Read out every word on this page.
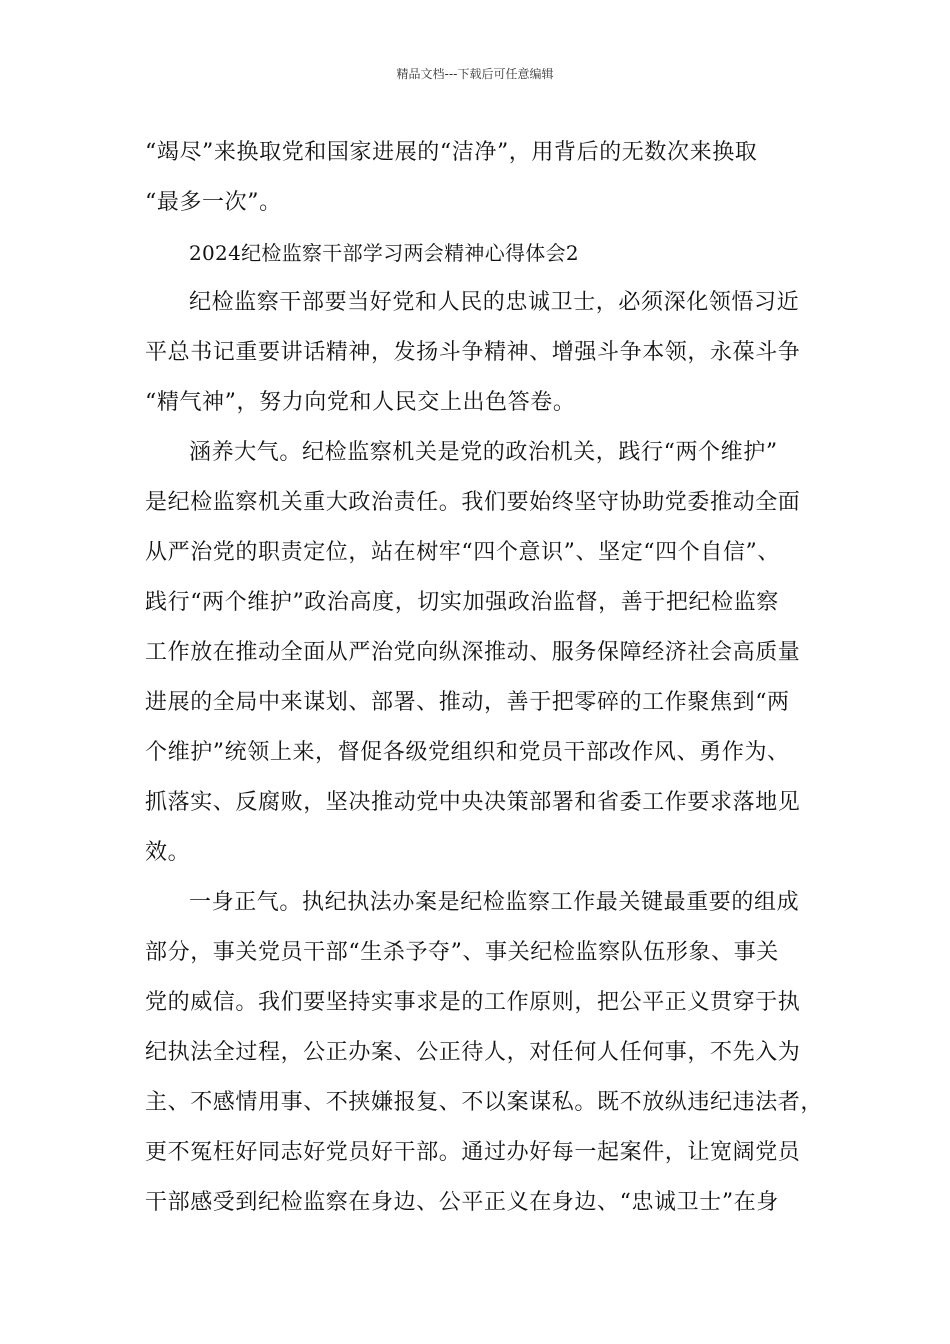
精品文档---下载后可任意编辑
“竭尽”来换取党和国家进展的“洁净”，用背后的无数次来换取
“最多一次”。
2024纪检监察干部学习两会精神心得体会2
纪检监察干部要当好党和人民的忠诚卫士，必须深化领悟习近
平总书记重要讲话精神，发扬斗争精神、增强斗争本领，永葆斗争
“精气神”，努力向党和人民交上出色答卷。
涵养大气。纪检监察机关是党的政治机关，践行“两个维护”
是纪检监察机关重大政治责任。我们要始终坚守协助党委推动全面
从严治党的职责定位，站在树牢“四个意识”、坚定“四个自信”、
践行“两个维护”政治高度，切实加强政治监督，善于把纪检监察
工作放在推动全面从严治党向纵深推动、服务保障经济社会高质量
进展的全局中来谋划、部署、推动，善于把零碎的工作聚焦到“两
个维护”统领上来，督促各级党组织和党员干部改作风、勇作为、
抓落实、反腐败，坚决推动党中央决策部署和省委工作要求落地见
效。
一身正气。执纪执法办案是纪检监察工作最关键最重要的组成
部分，事关党员干部“生杀予夺”、事关纪检监察队伍形象、事关
党的威信。我们要坚持实事求是的工作原则，把公平正义贯穿于执
纪执法全过程，公正办案、公正待人，对任何人任何事，不先入为
主、不感情用事、不挟嫌报复、不以案谋私。既不放纵违纪违法者，
更不冤枉好同志好党员好干部。通过办好每一起案件，让宽阔党员
干部感受到纪检监察在身边、公平正义在身边、“忠诚卫士”在身
